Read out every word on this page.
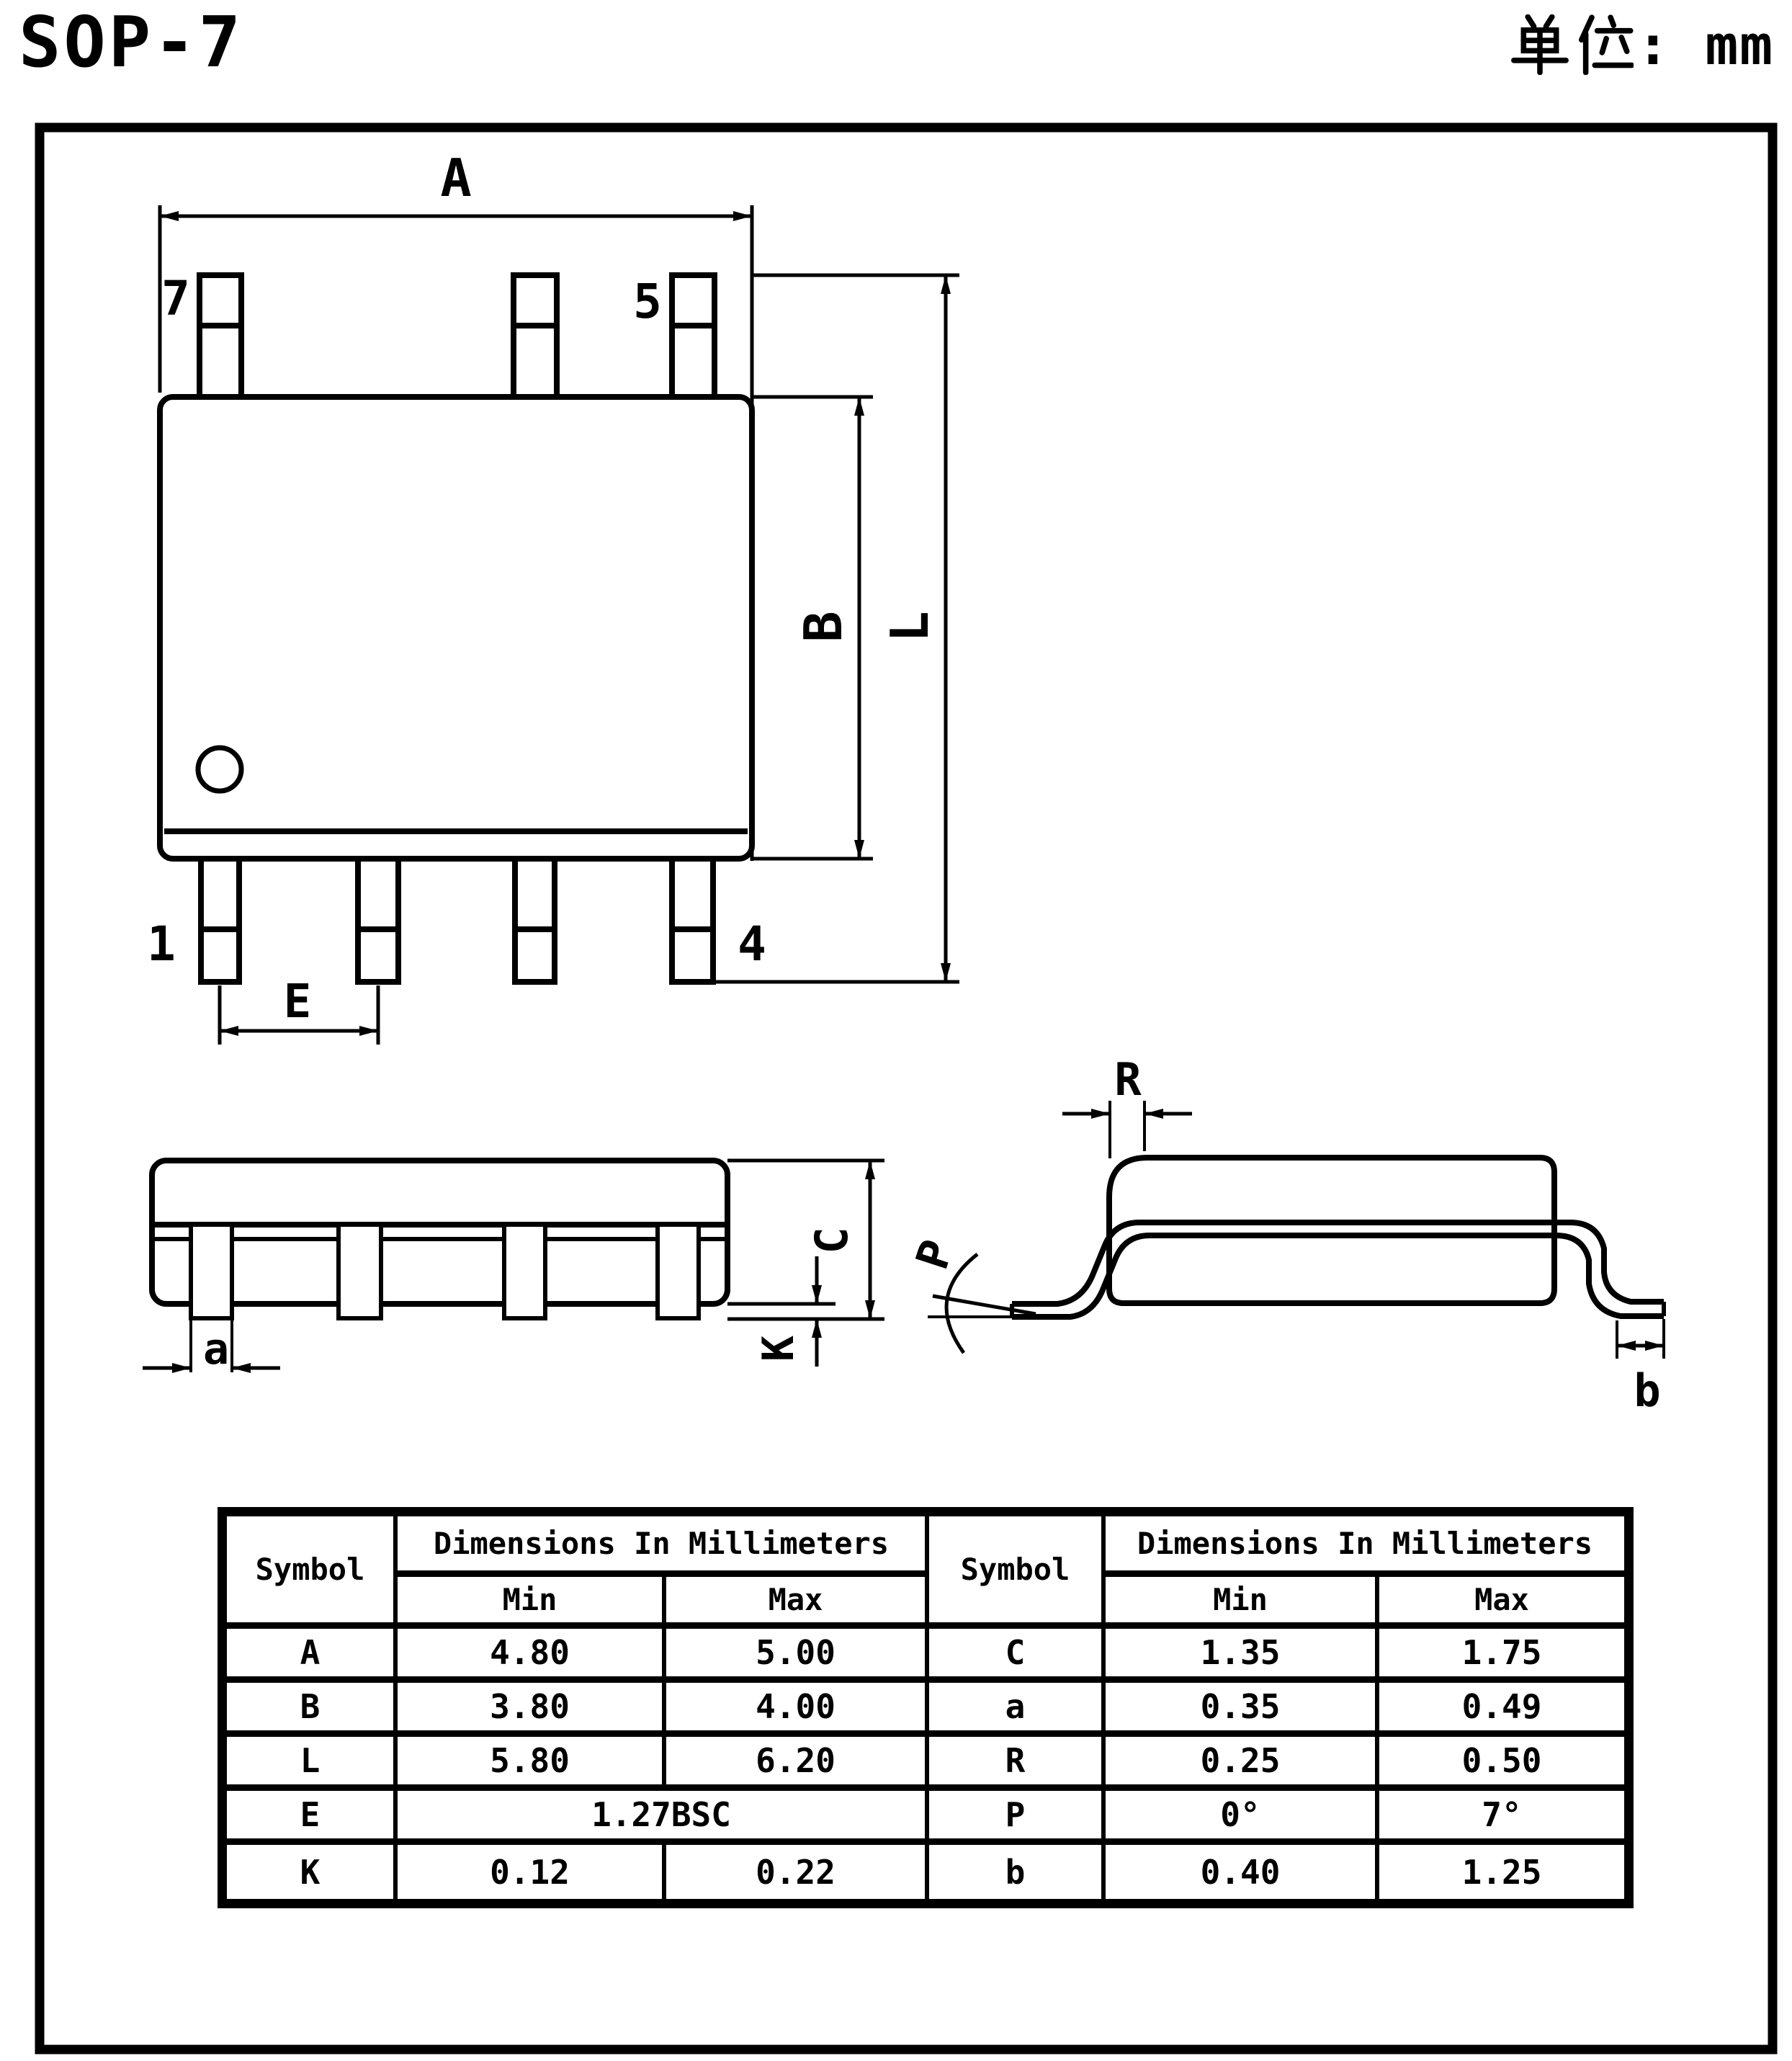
SOP-7	: mm
A
7	5
1	4
B L
E
a	K
C
R
P
b
Symbol
Dimensions In Millimeters
Symbol
Dimensions In Millimeters
Min	Max	Min	Max
A	4.80	5.00	C	1.35	1.75
B	3.80	4.00	a	0.35	0.49
L	5.80	6.20	R	0.25	0.50
E	1.27BSC	P	0°	7°
K	0.12	0.22	b	0.40	1.25
